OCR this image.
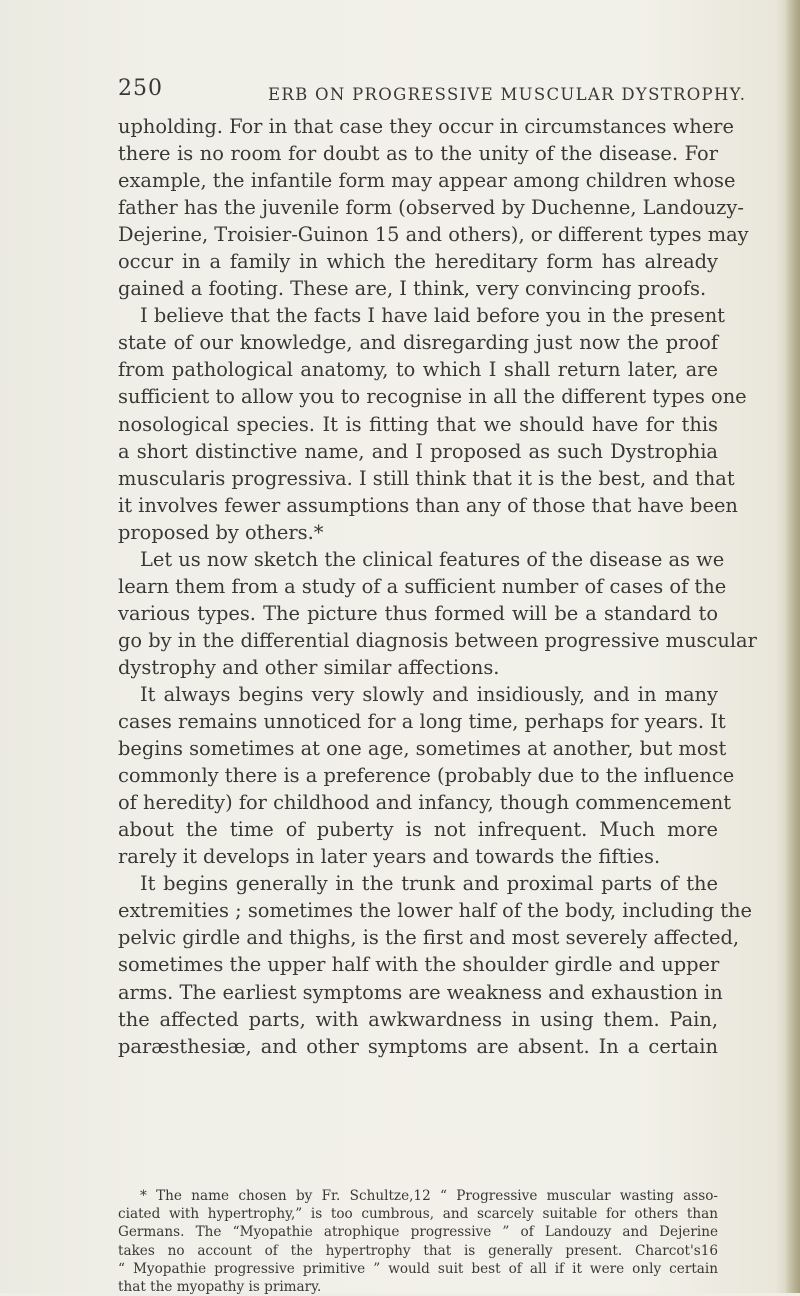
250	ERB ON PROGRESSIVE MUSCULAR DYSTROPHY.
upholding. For in that case they occur in circumstances where
there is no room for doubt as to the unity of the disease. For
example, the infantile form may appear among children whose
father has the juvenile form (observed by Duchenne, Landouzy-
Dejerine, Troisier-Guinon 15 and others), or different types may
occur in a family in which the hereditary form has already
gained a footing. These are, I think, very convincing proofs.
I believe that the facts I have laid before you in the present
state of our knowledge, and disregarding just now the proof
from pathological anatomy, to which I shall return later, are
sufficient to allow you to recognise in all the different types one
nosological species. It is fitting that we should have for this
a short distinctive name, and I proposed as such Dystrophia
muscularis progressiva. I still think that it is the best, and that
it involves fewer assumptions than any of those that have been
proposed by others.*
Let us now sketch the clinical features of the disease as we
learn them from a study of a sufficient number of cases of the
various types. The picture thus formed will be a standard to
go by in the differential diagnosis between progressive muscular
dystrophy and other similar affections.
It always begins very slowly and insidiously, and in many
cases remains unnoticed for a long time, perhaps for years. It
begins sometimes at one age, sometimes at another, but most
commonly there is a preference (probably due to the influence
of heredity) for childhood and infancy, though commencement
about the time of puberty is not infrequent. Much more
rarely it develops in later years and towards the fifties.
It begins generally in the trunk and proximal parts of the
extremities ; sometimes the lower half of the body, including the
pelvic girdle and thighs, is the first and most severely affected,
sometimes the upper half with the shoulder girdle and upper
arms. The earliest symptoms are weakness and exhaustion in
the affected parts, with awkwardness in using them. Pain,
paræsthesiæ, and other symptoms are absent. In a certain
* The name chosen by Fr. Schultze,12 “ Progressive muscular wasting asso-
ciated with hypertrophy,” is too cumbrous, and scarcely suitable for others than
Germans. The “Myopathie atrophique progressive ” of Landouzy and Dejerine
takes no account of the hypertrophy that is generally present. Charcot's16
“ Myopathie progressive primitive ” would suit best of all if it were only certain
that the myopathy is primary.
